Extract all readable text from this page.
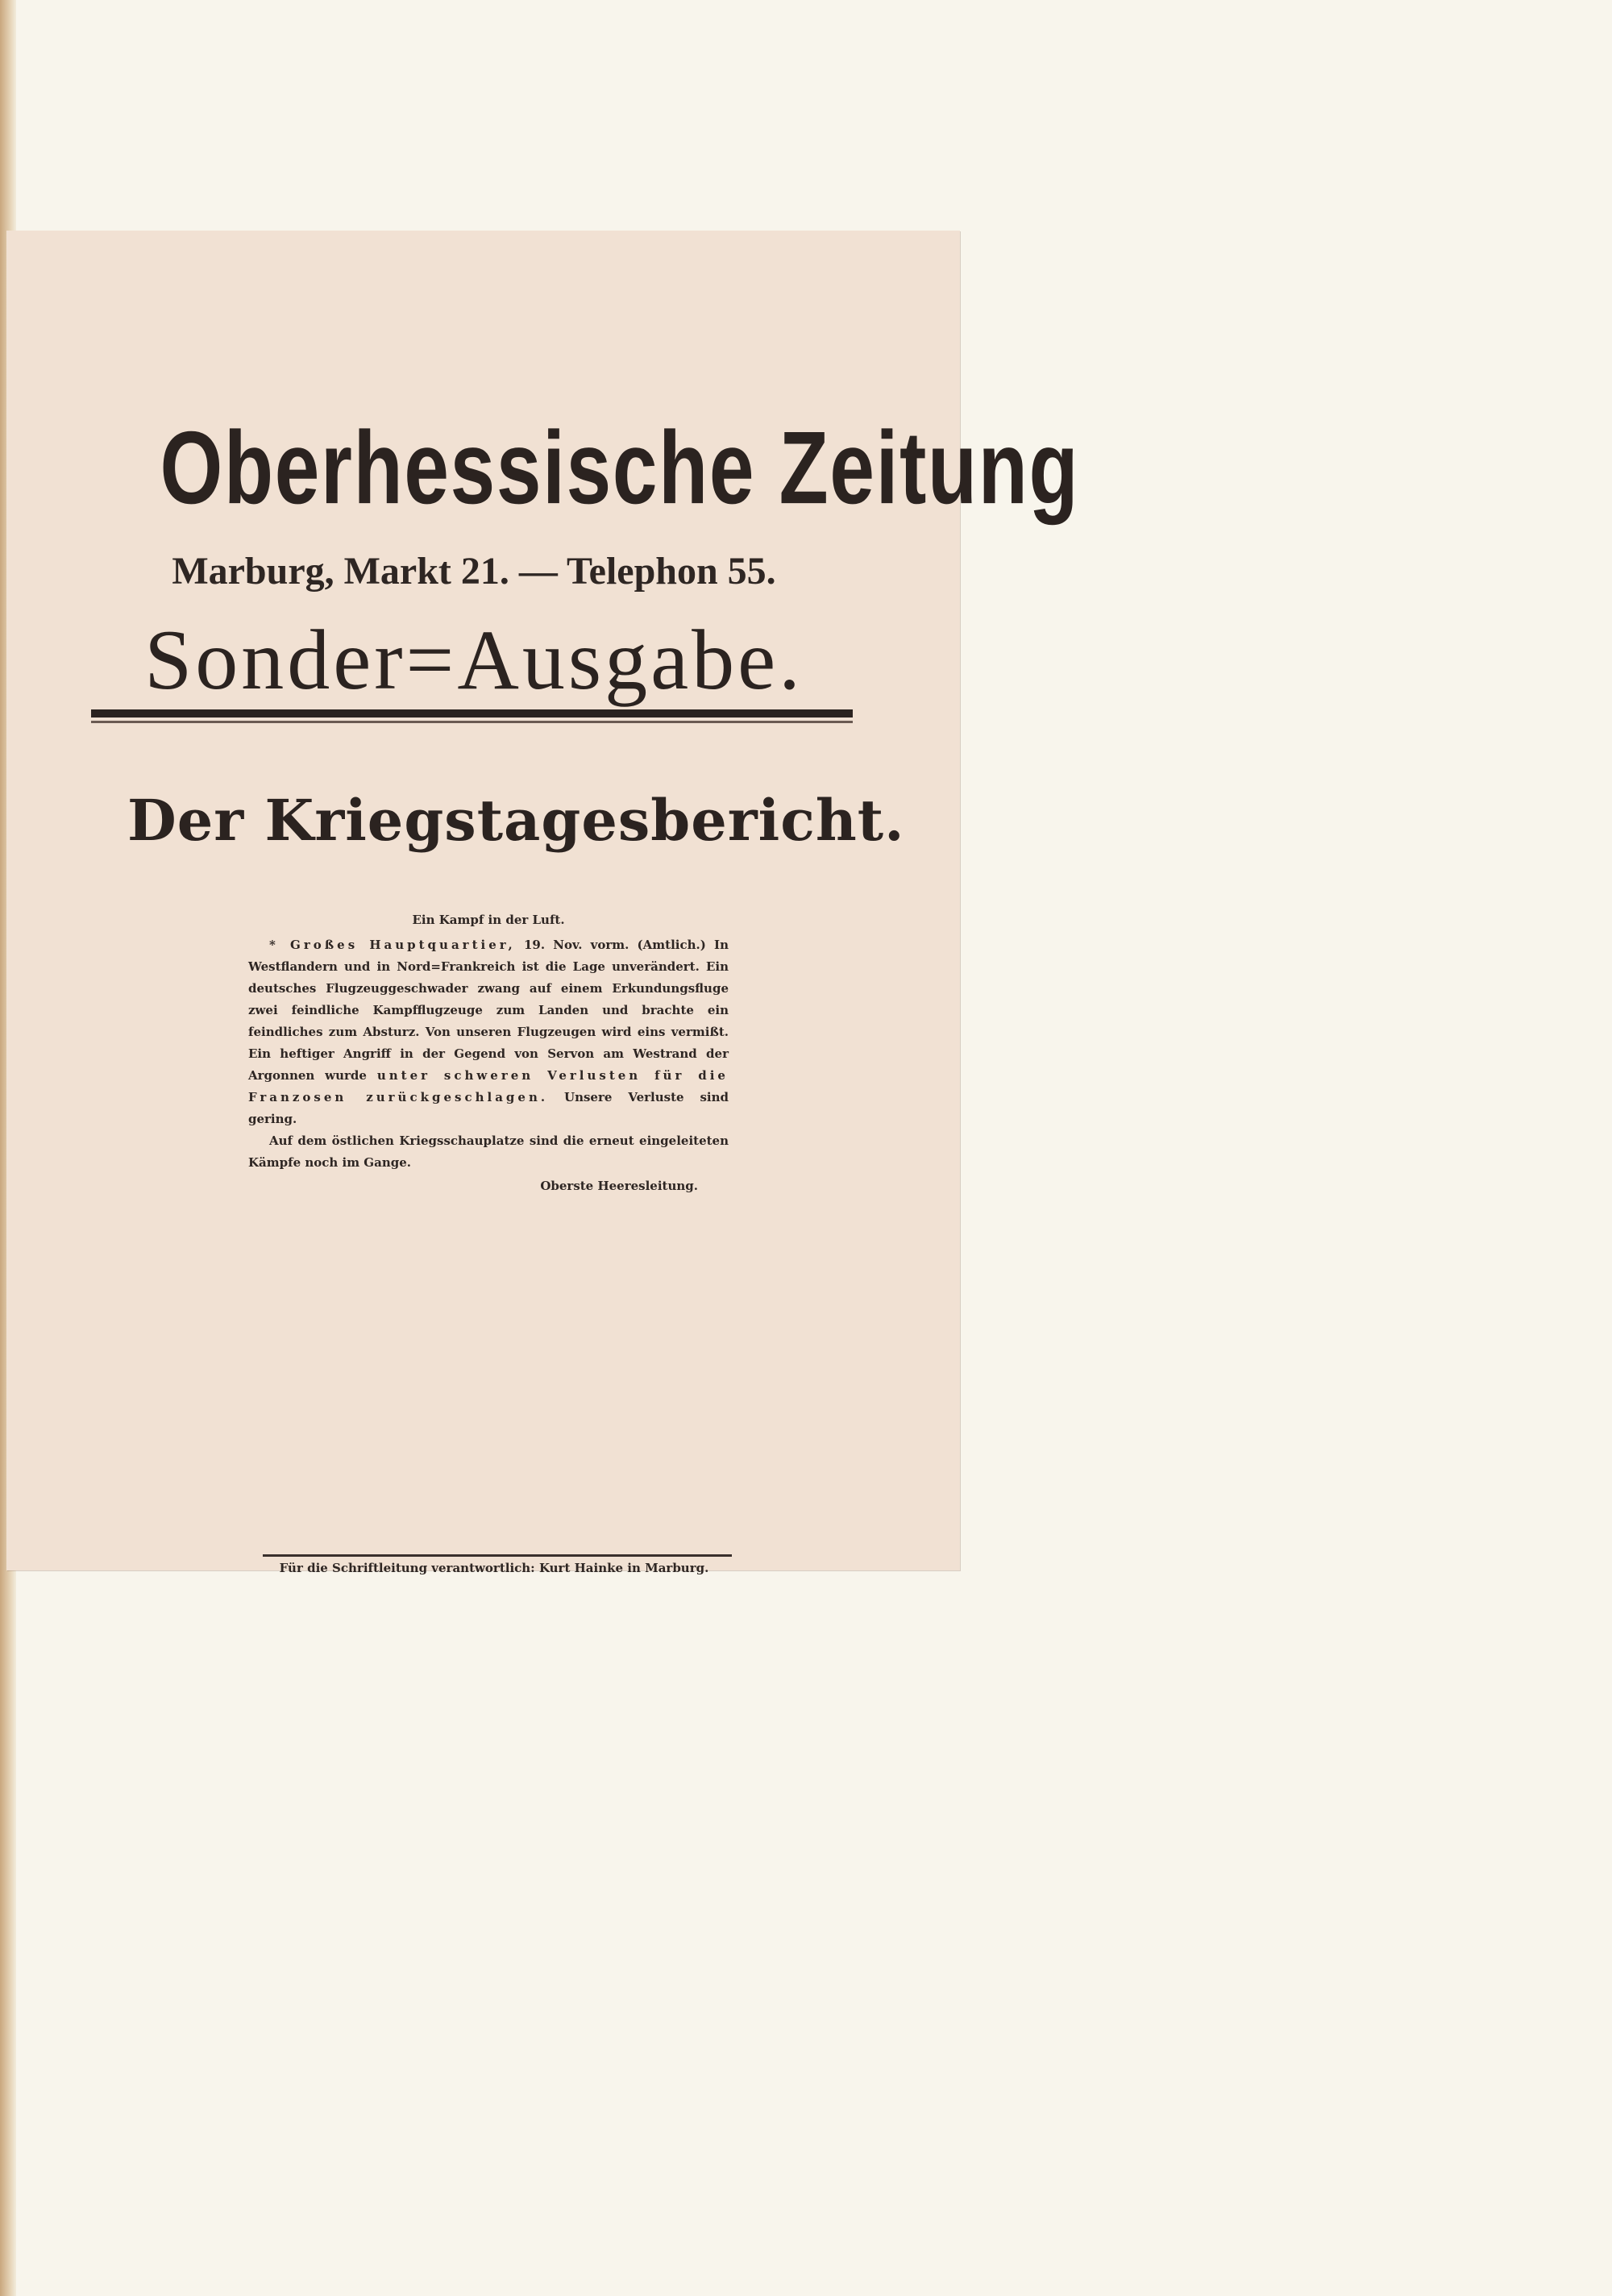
Oberhessische Zeitung
Marburg, Markt 21. — Telephon 55.
Sonder=Ausgabe.
Der Kriegstagesbericht.
Ein Kampf in der Luft.

* Großes Hauptquartier, 19. Nov. vorm. (Amtlich.) In Westflandern und in Nord=Frankreich ist die Lage unverändert. Ein deutsches Flugzeuggeschwader zwang auf einem Erkundungsfluge zwei feindliche Kampfflugzeuge zum Landen und brachte ein feindliches zum Absturz. Von unseren Flugzeugen wird eins vermißt. Ein heftiger Angriff in der Gegend von Servon am Westrand der Argonnen wurde unter schweren Verlusten für die Franzosen zurückgeschlagen. Unsere Verluste sind gering.

Auf dem östlichen Kriegsschauplatze sind die erneut eingeleiteten Kämpfe noch im Gange.

Oberste Heeresleitung.
Für die Schriftleitung verantwortlich: Kurt Hainke in Marburg.
